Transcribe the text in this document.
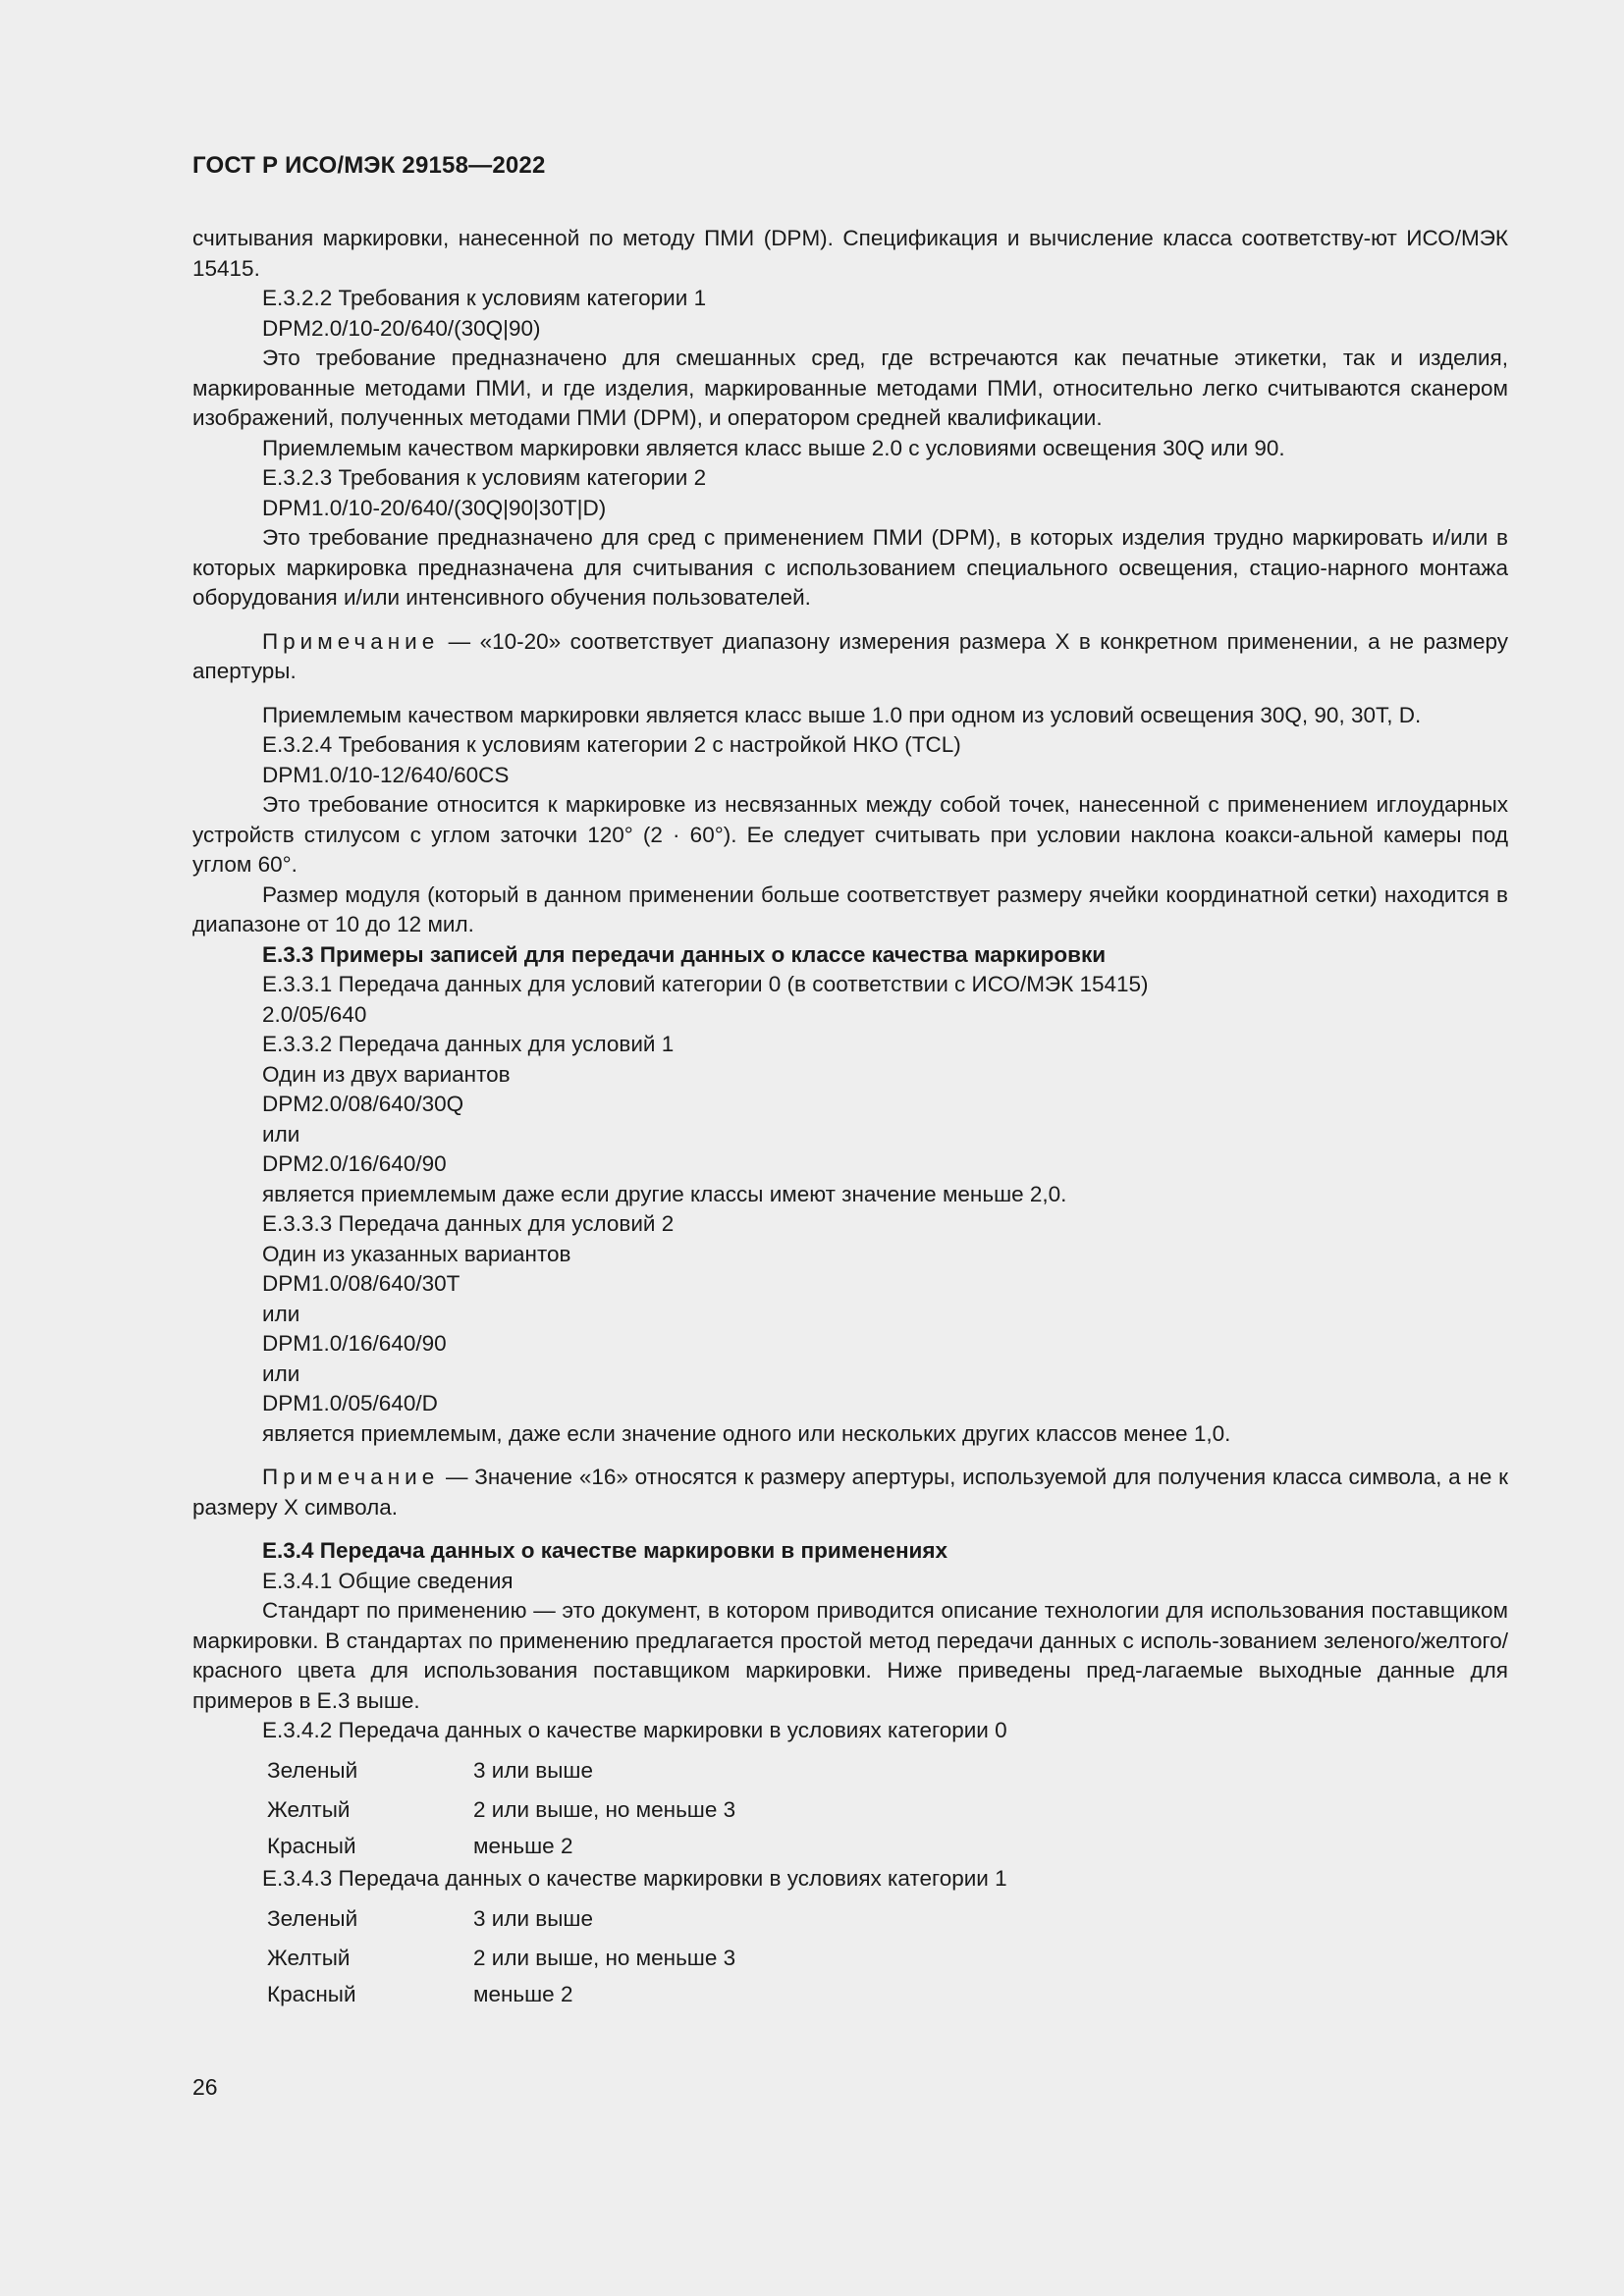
ГОСТ Р ИСО/МЭК 29158—2022

считывания маркировки, нанесенной по методу ПМИ (DPM). Спецификация и вычисление класса соответству-ют ИСО/МЭК 15415.

Е.3.2.2 Требования к условиям категории 1

DPM2.0/10-20/640/(30Q|90)

Это требование предназначено для смешанных сред, где встречаются как печатные этикетки, так и изделия, маркированные методами ПМИ, и где изделия, маркированные методами ПМИ, относительно легко считываются сканером изображений, полученных методами ПМИ (DPM), и оператором средней квалификации.

Приемлемым качеством маркировки является класс выше 2.0 с условиями освещения 30Q или 90.

Е.3.2.3 Требования к условиям категории 2

DPM1.0/10-20/640/(30Q|90|30T|D)

Это требование предназначено для сред с применением ПМИ (DPM), в которых изделия трудно маркировать и/или в которых маркировка предназначена для считывания с использованием специального освещения, стацио-нарного монтажа оборудования и/или интенсивного обучения пользователей.

Примечание — «10-20» соответствует диапазону измерения размера X в конкретном применении, а не размеру апертуры.

Приемлемым качеством маркировки является класс выше 1.0 при одном из условий освещения 30Q, 90, 30T, D.

Е.3.2.4 Требования к условиям категории 2 с настройкой НКО (TCL)

DPM1.0/10-12/640/60CS

Это требование относится к маркировке из несвязанных между собой точек, нанесенной с применением иглоударных устройств стилусом с углом заточки 120° (2 · 60°). Ее следует считывать при условии наклона коакси-альной камеры под углом 60°.

Размер модуля (который в данном применении больше соответствует размеру ячейки координатной сетки) находится в диапазоне от 10 до 12 мил.

Е.3.3 Примеры записей для передачи данных о классе качества маркировки

Е.3.3.1 Передача данных для условий категории 0 (в соответствии с ИСО/МЭК 15415)

2.0/05/640

Е.3.3.2 Передача данных для условий 1

Один из двух вариантов

DPM2.0/08/640/30Q

или

DPM2.0/16/640/90

является приемлемым даже если другие классы имеют значение меньше 2,0.

Е.3.3.3 Передача данных для условий 2

Один из указанных вариантов

DPM1.0/08/640/30T

или

DPM1.0/16/640/90

или

DPM1.0/05/640/D

является приемлемым, даже если значение одного или нескольких других классов менее 1,0.

Примечание — Значение «16» относятся к размеру апертуры, используемой для получения класса символа, а не к размеру X символа.

Е.3.4 Передача данных о качестве маркировки в применениях

Е.3.4.1 Общие сведения

Стандарт по применению — это документ, в котором приводится описание технологии для использования поставщиком маркировки. В стандартах по применению предлагается простой метод передачи данных с исполь-зованием зеленого/желтого/красного цвета для использования поставщиком маркировки. Ниже приведены пред-лагаемые выходные данные для примеров в Е.3 выше.

Е.3.4.2 Передача данных о качестве маркировки в условиях категории 0

Зеленый	3 или выше
Желтый	2 или выше, но меньше 3
Красный	меньше 2

Е.3.4.3 Передача данных о качестве маркировки в условиях категории 1

Зеленый	3 или выше
Желтый	2 или выше, но меньше 3
Красный	меньше 2
26
